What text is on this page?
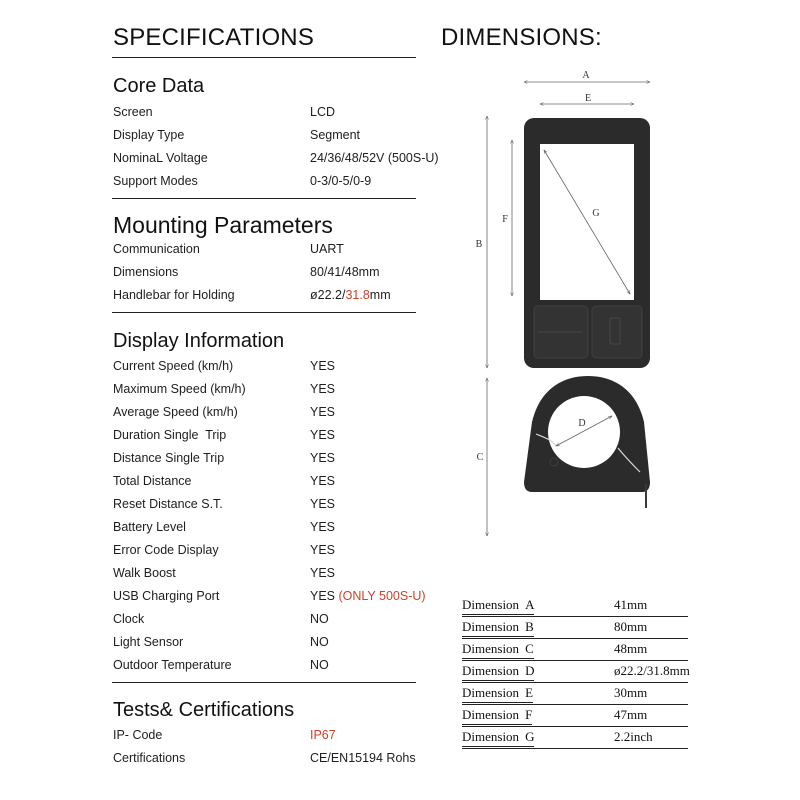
SPECIFICATIONS	DIMENSIONS:
Core Data
Screen	LCD
Display Type	Segment
NominaL Voltage	24/36/48/52V (500S-U)
Support Modes	0-3/0-5/0-9
Mounting Parameters
Communication	UART
Dimensions	80/41/48mm
Handlebar for Holding	ø22.2/31.8mm
Display Information
Current Speed (km/h)	YES
Maximum Speed (km/h)	YES
Average Speed (km/h)	YES
Duration Single  Trip	YES
Distance Single Trip	YES
Total Distance	YES
Reset Distance S.T.	YES
Battery Level	YES
Error Code Display	YES
Walk Boost	YES
USB Charging Port	YES (ONLY 500S-U)
Clock	NO
Light Sensor	NO
Outdoor Temperature	NO
Tests& Certifications
IP- Code	IP67
Certifications	CE/EN15194 Rohs
A
E
B
F
C
G
D
Dimension A	41mm
Dimension B	80mm
Dimension C	48mm
Dimension D	ø22.2/31.8mm
Dimension E	30mm
Dimension F	47mm
Dimension G	2.2inch
